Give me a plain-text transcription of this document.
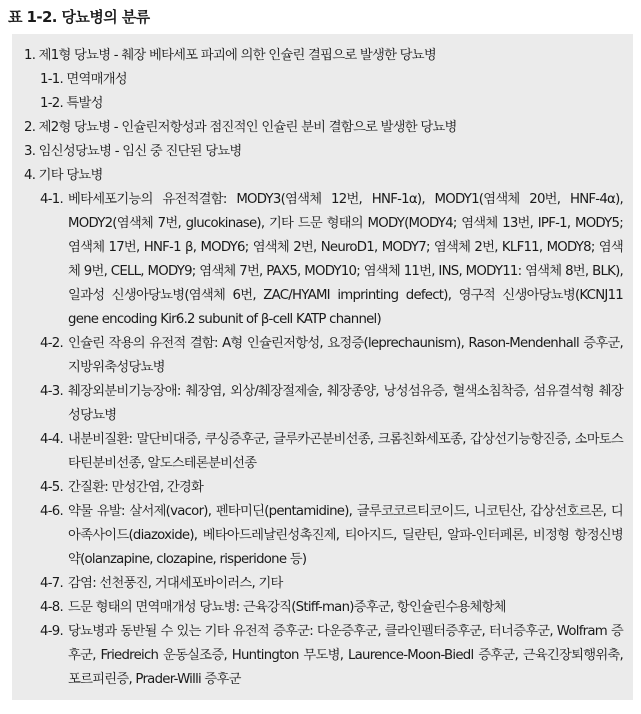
표 1-2. 당뇨병의 분류
1. 제1형 당뇨병 - 췌장 베타세포 파괴에 의한 인슐린 결핍으로 발생한 당뇨병
1-1. 면역매개성
1-2. 특발성
2. 제2형 당뇨병 - 인슐린저항성과 점진적인 인슐린 분비 결함으로 발생한 당뇨병
3. 임신성당뇨병 - 임신 중 진단된 당뇨병
4. 기타 당뇨병
4-1. 베타세포기능의 유전적결함: MODY3(염색체 12번, HNF-1α), MODY1(염색체 20번, HNF-4α), MODY2(염색체 7번, glucokinase), 기타 드문 형태의 MODY(MODY4; 염색체 13번, IPF-1, MODY5; 염색체 17번, HNF-1 β, MODY6; 염색체 2번, NeuroD1, MODY7; 염색체 2번, KLF11, MODY8; 염색체 9번, CELL, MODY9; 염색체 7번, PAX5, MODY10; 염색체 11번, INS, MODY11: 염색체 8번, BLK), 일과성 신생아당뇨병(염색체 6번, ZAC/HYAMI imprinting defect), 영구적 신생아당뇨병(KCNJ11 gene encoding Kir6.2 subunit of β-cell KATP channel)
4-2. 인슐린 작용의 유전적 결함: A형 인슐린저항성, 요정증(leprechaunism), Rason-Mendenhall 증후군, 지방위축성당뇨병
4-3. 췌장외분비기능장애: 췌장염, 외상/췌장절제술, 췌장종양, 낭성섬유증, 혈색소침착증, 섬유결석형 췌장성당뇨병
4-4. 내분비질환: 말단비대증, 쿠싱증후군, 글루카곤분비선종, 크롬친화세포종, 갑상선기능항진증, 소마토스타틴분비선종, 알도스테론분비선종
4-5. 간질환: 만성간염, 간경화
4-6. 약물 유발: 살서제(vacor), 펜타미딘(pentamidine), 글루코코르티코이드, 니코틴산, 갑상선호르몬, 디아족사이드(diazoxide), 베타아드레날린성촉진제, 티아지드, 딜란틴, 알파-인터페론, 비정형 항정신병약(olanzapine, clozapine, risperidone 등)
4-7. 감염: 선천풍진, 거대세포바이러스, 기타
4-8. 드문 형태의 면역매개성 당뇨병: 근육강직(Stiff-man)증후군, 항인슐린수용체항체
4-9. 당뇨병과 동반될 수 있는 기타 유전적 증후군: 다운증후군, 클라인펠터증후군, 터너증후군, Wolfram 증후군, Friedreich 운동실조증, Huntington 무도병, Laurence-Moon-Biedl 증후군, 근육긴장퇴행위축, 포르피린증, Prader-Willi 증후군
